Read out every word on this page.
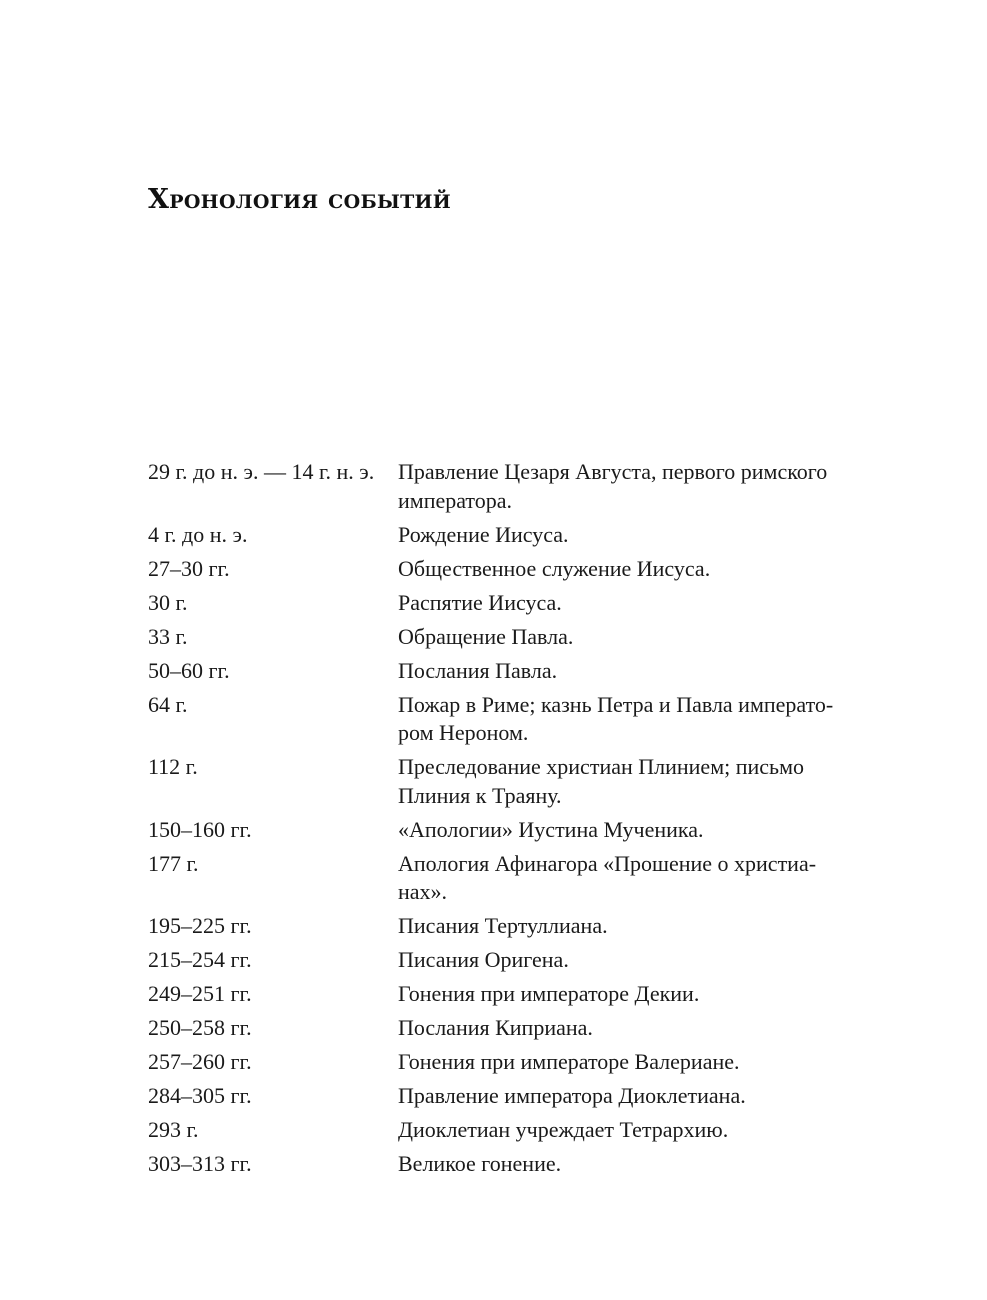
Хронология событий
29 г. до н. э. — 14 г. н. э.	Правление Цезаря Августа, первого римского
императора.
4 г. до н. э.	Рождение Иисуса.
27–30 гг.	Общественное служение Иисуса.
30 г.	Распятие Иисуса.
33 г.	Обращение Павла.
50–60 гг.	Послания Павла.
64 г.	Пожар в Риме; казнь Петра и Павла императо-
ром Нероном.
112 г.	Преследование христиан Плинием; письмо
Плиния к Траяну.
150–160 гг.	«Апологии» Иустина Мученика.
177 г.	Апология Афинагора «Прошение о христиа-
нах».
195–225 гг.	Писания Тертуллиана.
215–254 гг.	Писания Оригена.
249–251 гг.	Гонения при императоре Декии.
250–258 гг.	Послания Киприана.
257–260 гг.	Гонения при императоре Валериане.
284–305 гг.	Правление императора Диоклетиана.
293 г.	Диоклетиан учреждает Тетрархию.
303–313 гг.	Великое гонение.
